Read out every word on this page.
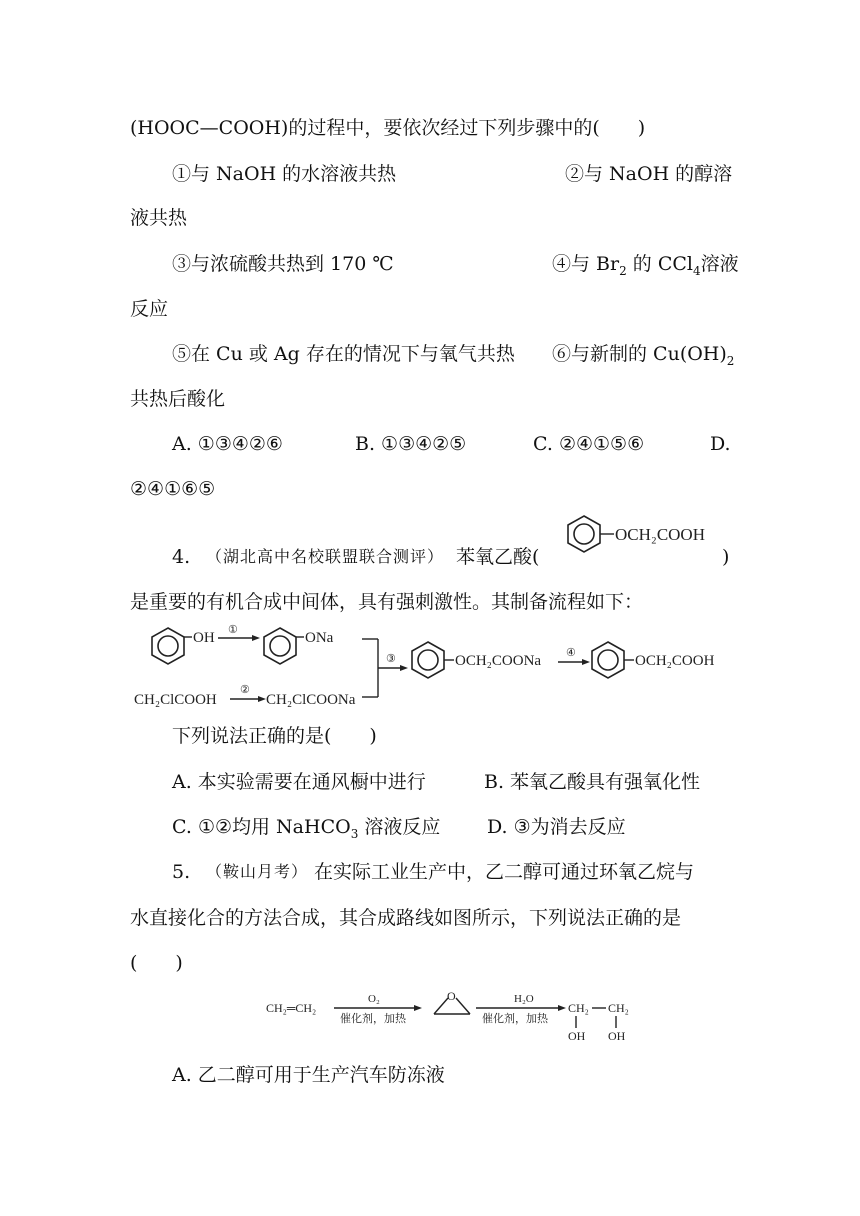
(HOOC—COOH)的过程中，要依次经过下列步骤中的(　　)
①与 NaOH 的水溶液共热	②与 NaOH 的醇溶
液共热
③与浓硫酸共热到 170 ℃	④与 $Br_2$ 的 CCl$_4$溶液
反应
⑤在 Cu 或 Ag 存在的情况下与氧气共热 ⑥与新制的 $Cu(OH)_2$
共热后酸化
A. ①③④②⑥	B. ①③④②⑤	C. ②④①⑤⑥	D.
②④①⑥⑤
4. （湖北高中名校联盟联合测评） 苯氧乙酸(
OCH₂COOH
)
是重要的有机合成中间体，具有强刺激性。其制备流程如下：
OH ①	ONa
CH₂ClCOOH
②
CH₂ClCOONa
③	OCH₂COONa ④	OCH₂COOH
下列说法正确的是(　　)
A. 本实验需要在通风橱中进行	B. 苯氧乙酸具有强氧化性
C. ①②均用 NaHCO$_3$ 溶液反应 D. ③为消去反应
5. （鞍山月考） 在实际工业生产中，乙二醇可通过环氧乙烷与
水直接化合的方法合成，其合成路线如图所示，下列说法正确的是
(　　)
CH₂═CH₂
O₂
催化剂，加热
O	H₂O
催化剂，加热
CH₂ CH₂
OH OH
A. 乙二醇可用于生产汽车防冻液
